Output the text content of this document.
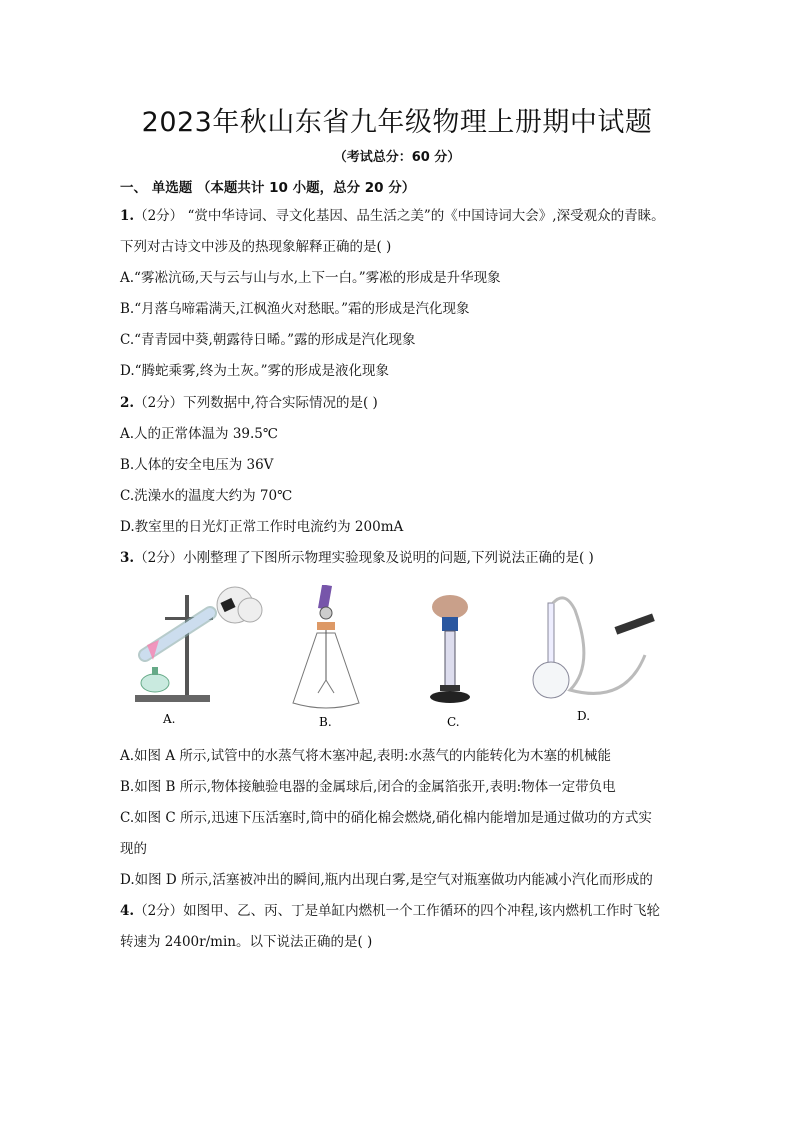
2023年秋山东省九年级物理上册期中试题
（考试总分：60 分）
一、 单选题 （本题共计 10 小题，总分 20 分）
1.（2分） “赏中华诗词、寻文化基因、品生活之美”的《中国诗词大会》,深受观众的青睐。
下列对古诗文中涉及的热现象解释正确的是( )
A.“雾凇沆砀,天与云与山与水,上下一白。”雾凇的形成是升华现象
B.“月落乌啼霜满天,江枫渔火对愁眠。”霜的形成是汽化现象
C.“青青园中葵,朝露待日晞。”露的形成是汽化现象
D.“腾蛇乘雾,终为土灰。”雾的形成是液化现象
2.（2分）下列数据中,符合实际情况的是( )
A.人的正常体温为 39.5℃
B.人体的安全电压为 36V
C.洗澡水的温度大约为 70℃
D.教室里的日光灯正常工作时电流约为 200mA
3.（2分）小刚整理了下图所示物理实验现象及说明的问题,下列说法正确的是( )
A.	B.	C.	D.
A.如图 A 所示,试管中的水蒸气将木塞冲起,表明:水蒸气的内能转化为木塞的机械能
B.如图 B 所示,物体接触验电器的金属球后,闭合的金属箔张开,表明:物体一定带负电
C.如图 C 所示,迅速下压活塞时,筒中的硝化棉会燃烧,硝化棉内能增加是通过做功的方式实
现的
D.如图 D 所示,活塞被冲出的瞬间,瓶内出现白雾,是空气对瓶塞做功内能减小汽化而形成的
4.（2分）如图甲、乙、丙、丁是单缸内燃机一个工作循环的四个冲程,该内燃机工作时飞轮
转速为 2400r/min。以下说法正确的是( )
